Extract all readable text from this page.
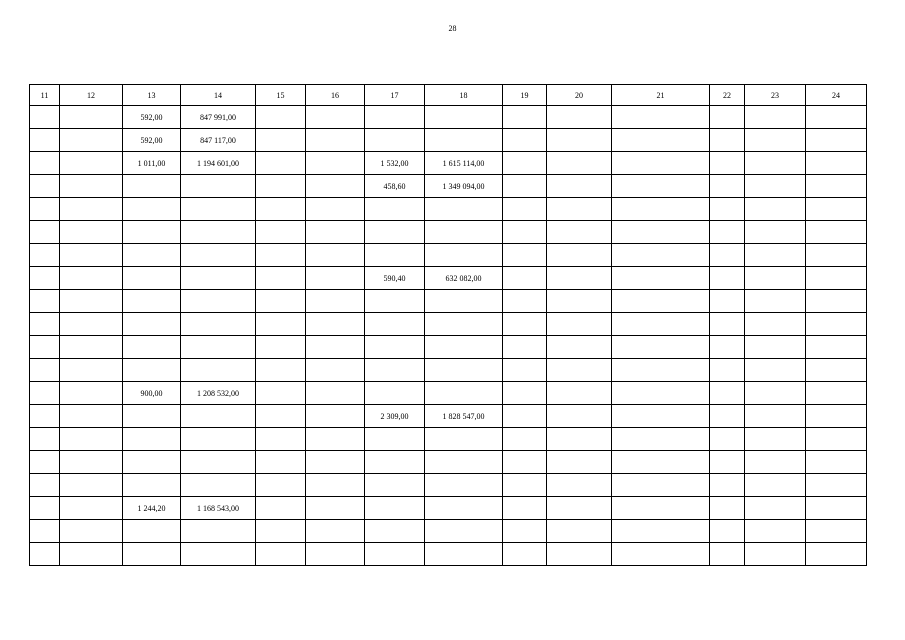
28
11	12	13	14	15	16	17	18	19	20	21	22	23	24
		592,00	847 991,00										
		592,00	847 117,00										
		1 011,00	1 194 601,00			1 532,00	1 615 114,00						
						458,60	1 349 094,00						

						590,40	632 082,00						

		900,00	1 208 532,00										
						2 309,00	1 828 547,00						

		1 244,20	1 168 543,00										
